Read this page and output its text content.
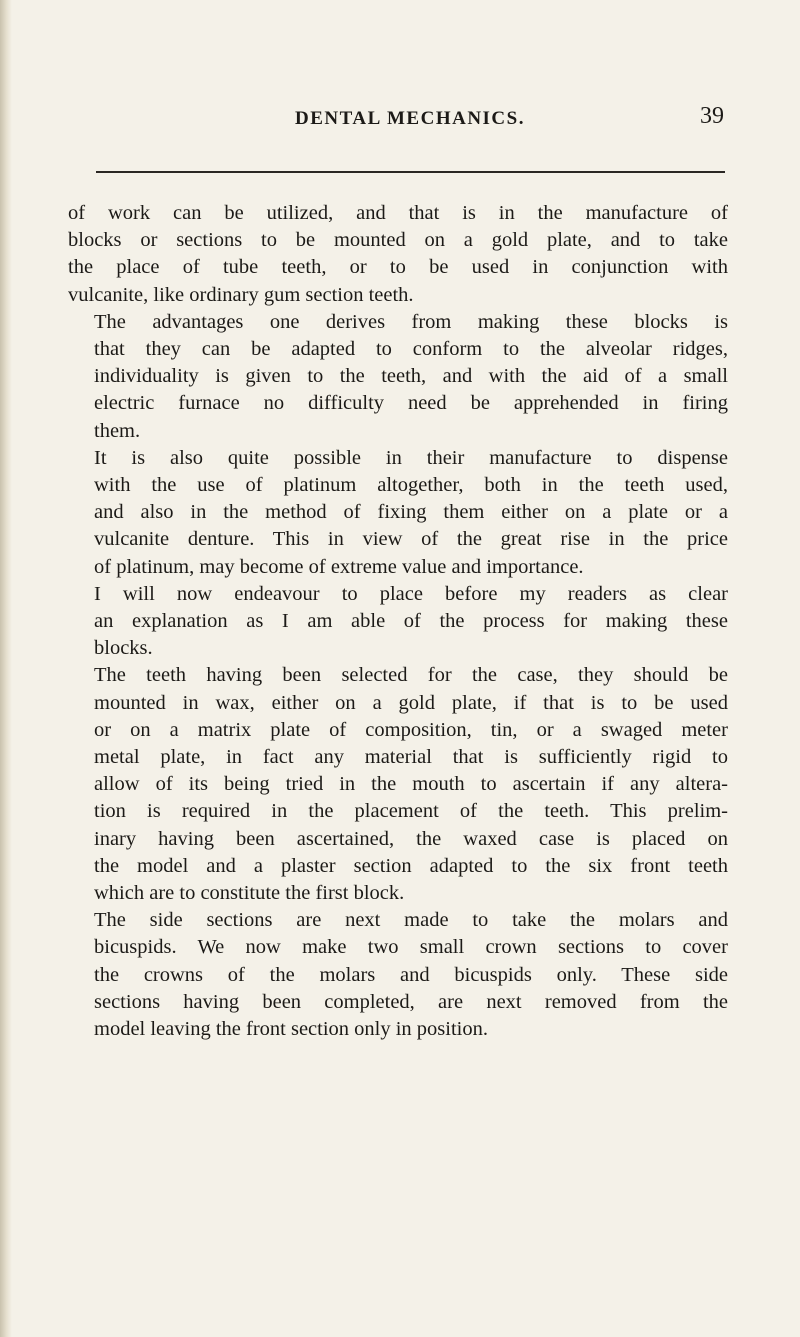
DENTAL MECHANICS.	39

of work can be utilized, and that is in the manufacture of
blocks or sections to be mounted on a gold plate, and to take
the place of tube teeth, or to be used in conjunction with
vulcanite, like ordinary gum section teeth.

The advantages one derives from making these blocks is
that they can be adapted to conform to the alveolar ridges,
individuality is given to the teeth, and with the aid of a small
electric furnace no difficulty need be apprehended in firing
them.

It is also quite possible in their manufacture to dispense
with the use of platinum altogether, both in the teeth used,
and also in the method of fixing them either on a plate or a
vulcanite denture. This in view of the great rise in the price
of platinum, may become of extreme value and importance.

I will now endeavour to place before my readers as clear
an explanation as I am able of the process for making these
blocks.

The teeth having been selected for the case, they should be
mounted in wax, either on a gold plate, if that is to be used
or on a matrix plate of composition, tin, or a swaged meter
metal plate, in fact any material that is sufficiently rigid to
allow of its being tried in the mouth to ascertain if any altera-
tion is required in the placement of the teeth. This prelim-
inary having been ascertained, the waxed case is placed on
the model and a plaster section adapted to the six front teeth
which are to constitute the first block.

The side sections are next made to take the molars and
bicuspids. We now make two small crown sections to cover
the crowns of the molars and bicuspids only. These side
sections having been completed, are next removed from the
model leaving the front section only in position.
